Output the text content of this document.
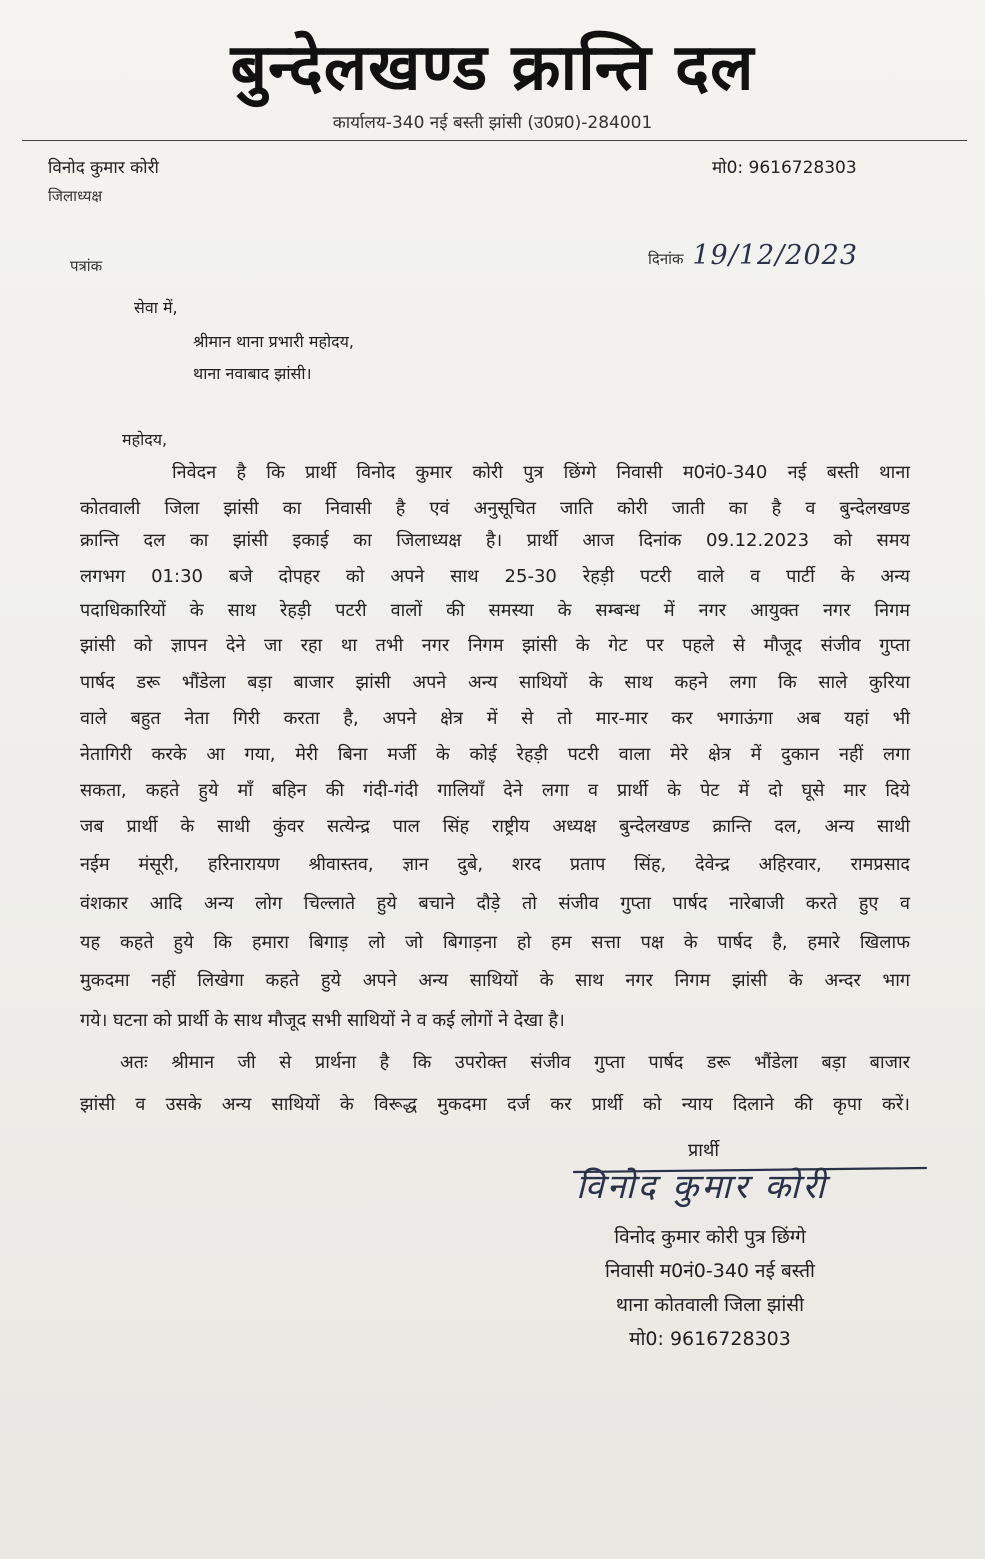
बुन्देलखण्ड क्रान्ति दल
कार्यालय-340 नई बस्ती झांसी (उ0प्र0)-284001
विनोद कुमार कोरी
जिलाध्यक्ष
मो0: 9616728303
पत्रांक	दिनांक 19/12/2023
सेवा में,
श्रीमान थाना प्रभारी महोदय,
थाना नवाबाद झांसी।
महोदय,
निवेदन है कि प्रार्थी विनोद कुमार कोरी पुत्र छिंग्गे निवासी म0नं0-340 नई बस्ती थाना
कोतवाली जिला झांसी का निवासी है एवं अनुसूचित जाति कोरी जाती का है व बुन्देलखण्ड
क्रान्ति दल का झांसी इकाई का जिलाध्यक्ष है। प्रार्थी आज दिनांक 09.12.2023 को समय
लगभग 01:30 बजे दोपहर को अपने साथ 25-30 रेहड़ी पटरी वाले व पार्टी के अन्य
पदाधिकारियों के साथ रेहड़ी पटरी वालों की समस्या के सम्बन्ध में नगर आयुक्त नगर निगम
झांसी को ज्ञापन देने जा रहा था तभी नगर निगम झांसी के गेट पर पहले से मौजूद संजीव गुप्ता
पार्षद डरू भौंडेला बड़ा बाजार झांसी अपने अन्य साथियों के साथ कहने लगा कि साले कुरिया
वाले बहुत नेता गिरी करता है, अपने क्षेत्र में से तो मार-मार कर भगाऊंगा अब यहां भी
नेतागिरी करके आ गया, मेरी बिना मर्जी के कोई रेहड़ी पटरी वाला मेरे क्षेत्र में दुकान नहीं लगा
सकता, कहते हुये माँ बहिन की गंदी-गंदी गालियाँ देने लगा व प्रार्थी के पेट में दो घूसे मार दिये
जब प्रार्थी के साथी कुंवर सत्येन्द्र पाल सिंह राष्ट्रीय अध्यक्ष बुन्देलखण्ड क्रान्ति दल, अन्य साथी
नईम मंसूरी, हरिनारायण श्रीवास्तव, ज्ञान दुबे, शरद प्रताप सिंह, देवेन्द्र अहिरवार, रामप्रसाद
वंशकार आदि अन्य लोग चिल्लाते हुये बचाने दौड़े तो संजीव गुप्ता पार्षद नारेबाजी करते हुए व
यह कहते हुये कि हमारा बिगाड़ लो जो बिगाड़ना हो हम सत्ता पक्ष के पार्षद है, हमारे खिलाफ
मुकदमा नहीं लिखेगा कहते हुये अपने अन्य साथियों के साथ नगर निगम झांसी के अन्दर भाग
गये। घटना को प्रार्थी के साथ मौजूद सभी साथियों ने व कई लोगों ने देखा है।
अतः श्रीमान जी से प्रार्थना है कि उपरोक्त संजीव गुप्ता पार्षद डरू भौंडेला बड़ा बाजार
झांसी व उसके अन्य साथियों के विरूद्ध मुकदमा दर्ज कर प्रार्थी को न्याय दिलाने की कृपा करें।
प्रार्थी
विनोद कुमार कोरी
विनोद कुमार कोरी पुत्र छिंग्गे
निवासी म0नं0-340 नई बस्ती
थाना कोतवाली जिला झांसी
मो0: 9616728303
